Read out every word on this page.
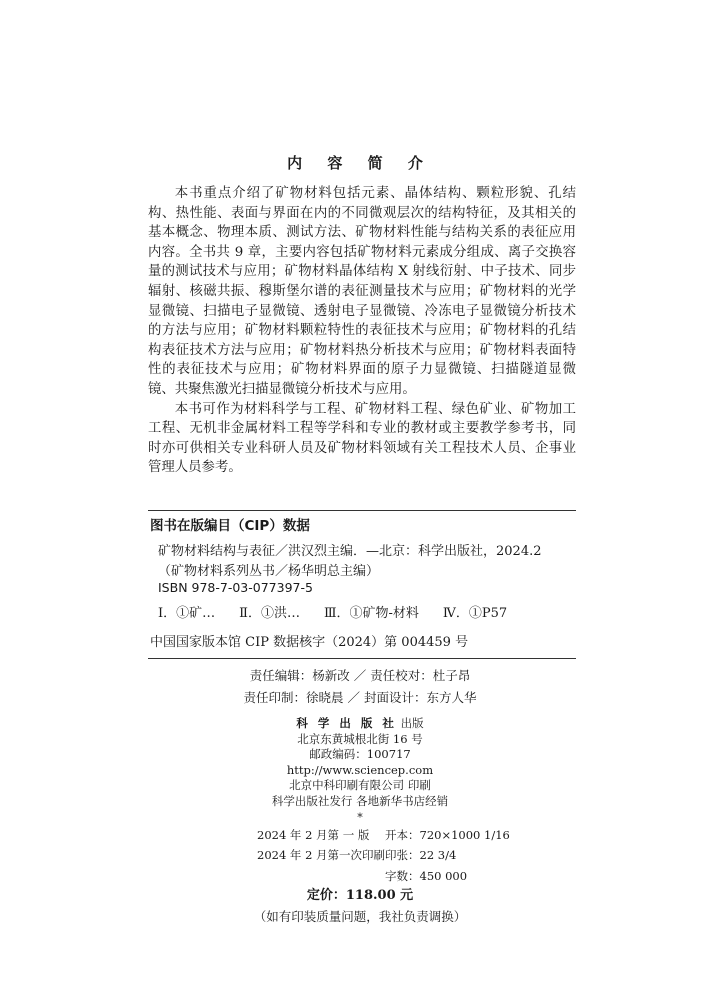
内 容 简 介

本书重点介绍了矿物材料包括元素、晶体结构、颗粒形貌、孔结构、热性能、表面与界面在内的不同微观层次的结构特征，及其相关的基本概念、物理本质、测试方法、矿物材料性能与结构关系的表征应用内容。全书共 9 章，主要内容包括矿物材料元素成分组成、离子交换容量的测试技术与应用；矿物材料晶体结构 X 射线衍射、中子技术、同步辐射、核磁共振、穆斯堡尔谱的表征测量技术与应用；矿物材料的光学显微镜、扫描电子显微镜、透射电子显微镜、冷冻电子显微镜分析技术的方法与应用；矿物材料颗粒特性的表征技术与应用；矿物材料的孔结构表征技术方法与应用；矿物材料热分析技术与应用；矿物材料表面特性的表征技术与应用；矿物材料界面的原子力显微镜、扫描隧道显微镜、共聚焦激光扫描显微镜分析技术与应用。

本书可作为材料科学与工程、矿物材料工程、绿色矿业、矿物加工工程、无机非金属材料工程等学科和专业的教材或主要教学参考书，同时亦可供相关专业科研人员及矿物材料领域有关工程技术人员、企事业管理人员参考。

图书在版编目（CIP）数据
矿物材料结构与表征／洪汉烈主编．—北京：科学出版社，2024.2
（矿物材料系列丛书／杨华明总主编）
ISBN 978-7-03-077397-5
Ⅰ．①矿… Ⅱ．①洪… Ⅲ．①矿物-材料 Ⅳ．①P57
中国国家版本馆 CIP 数据核字（2024）第 004459 号
责任编辑：杨新改 ／ 责任校对：杜子昂
责任印制：徐晓晨 ／ 封面设计：东方人华
科 学 出 版 社 出版
北京东黄城根北街 16 号
邮政编码：100717
http://www.sciencep.com
北京中科印刷有限公司 印刷
科学出版社发行 各地新华书店经销
*
2024 年 2 月第 一 版 开本：720×1000 1/16
2024 年 2 月第一次印刷 印张：22 3/4
字数：450 000
定价：118.00 元
（如有印装质量问题，我社负责调换）
